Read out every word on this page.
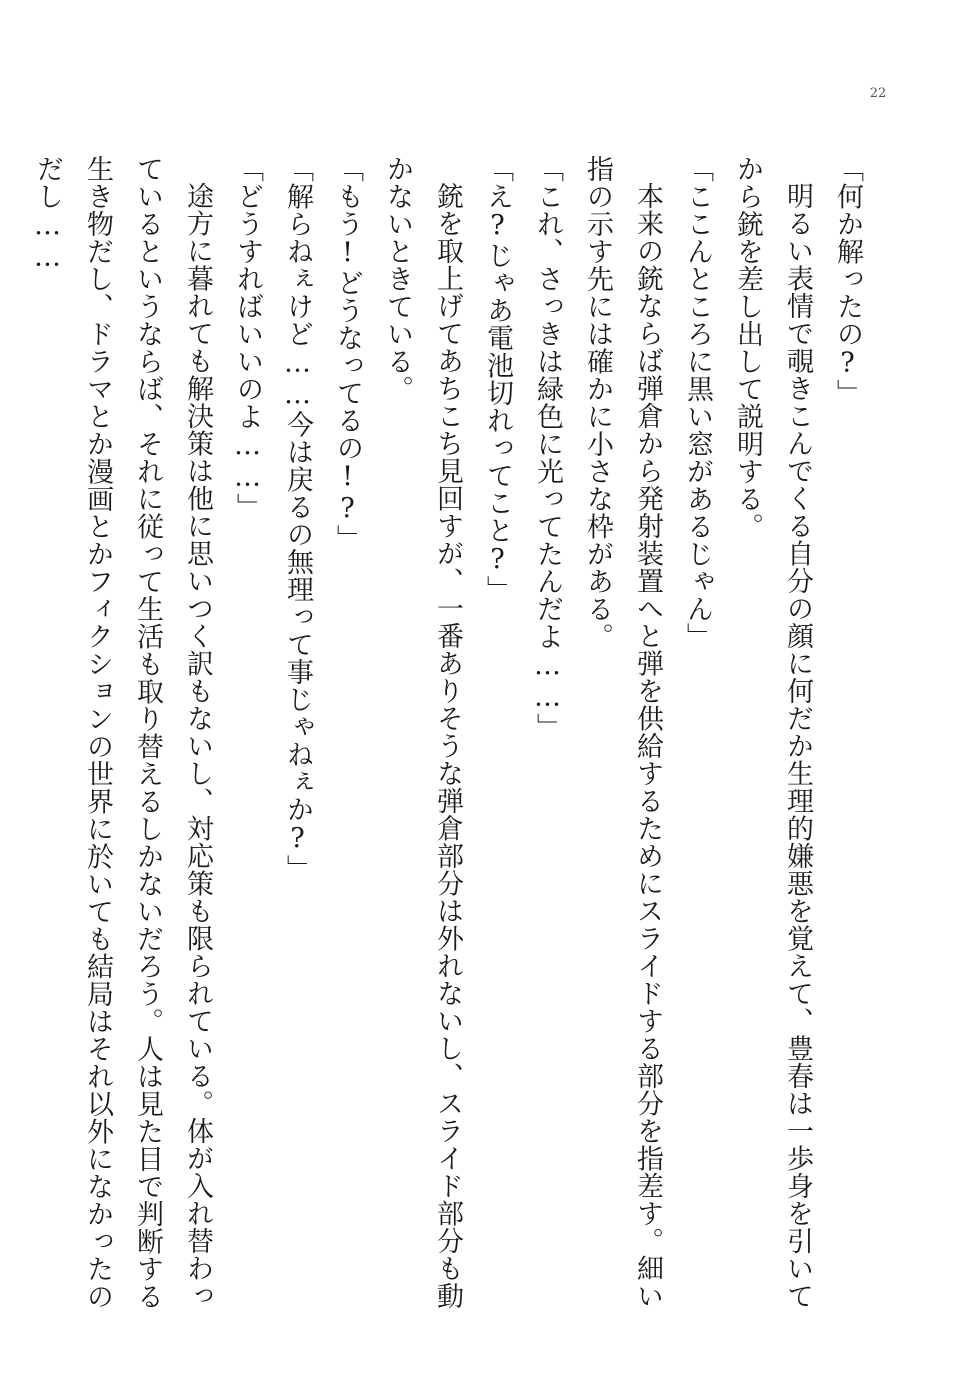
22
「何か解ったの?」
明るい表情で覗きこんでくる自分の顔に何だか生理的嫌悪を覚えて、豊春は一歩身を引いて
から銃を差し出して説明する。
「ここんところに黒い窓があるじゃん」
本来の銃ならば弾倉から発射装置へと弾を供給するためにスライドする部分を指差す。細い
指の示す先には確かに小さな枠がある。
「これ、さっきは緑色に光ってたんだよ……」
「え?じゃあ電池切れってこと?」
銃を取上げてあちこち見回すが、一番ありそうな弾倉部分は外れないし、スライド部分も動
かないときている。
「もう!どうなってるの!?」
「解らねぇけど……今は戻るの無理って事じゃねぇか?」
「どうすればいいのよ……」
途方に暮れても解決策は他に思いつく訳もないし、対応策も限られている。体が入れ替わっ
ているというならば、それに従って生活も取り替えるしかないだろう。人は見た目で判断する
生き物だし、ドラマとか漫画とかフィクションの世界に於いても結局はそれ以外になかったの
だし……
